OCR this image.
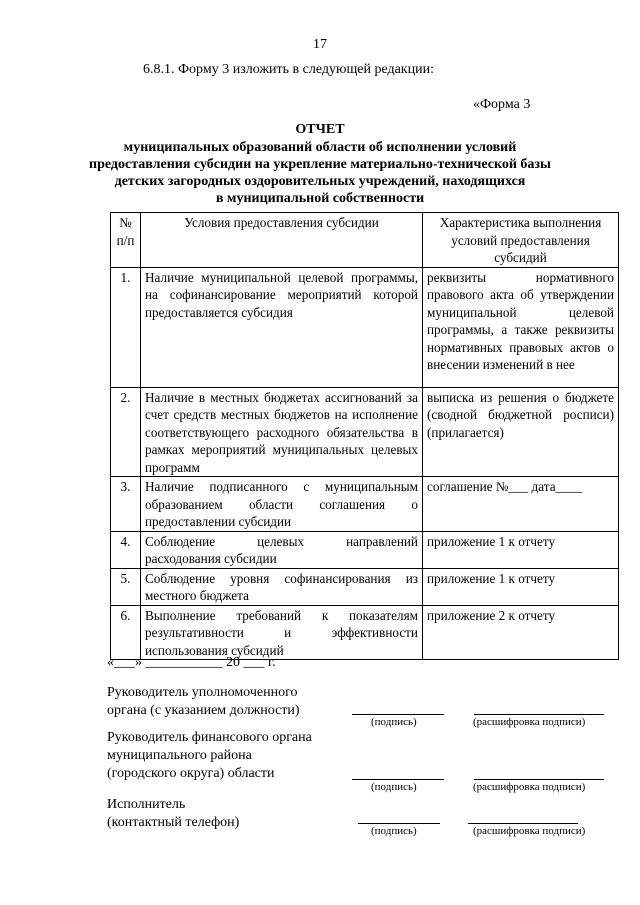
17
6.8.1. Форму 3 изложить в следующей редакции:
«Форма 3
ОТЧЕТ
муниципальных образований области об исполнении условий
предоставления субсидии на укрепление материально-технической базы
детских загородных оздоровительных учреждений, находящихся
в муниципальной собственности
№ п/п	Условия предоставления субсидии	Характеристика выполнения условий предоставления субсидий
1.	Наличие муниципальной целевой программы, на софинансирование мероприятий которой предоставляется субсидия	реквизиты нормативного правового акта об утверждении муниципальной целевой программы, а также реквизиты нормативных правовых актов о внесении изменений в нее
2.	Наличие в местных бюджетах ассигнований за счет средств местных бюджетов на исполнение соответствующего расходного обязательства в рамках мероприятий муниципальных целевых программ	выписка из решения о бюджете (сводной бюджетной росписи) (прилагается)
3.	Наличие подписанного с муниципальным образованием области соглашения о предоставлении субсидии	соглашение №___ дата____
4.	Соблюдение целевых направлений расходования субсидии	приложение 1 к отчету
5.	Соблюдение уровня софинансирования из местного бюджета	приложение 1 к отчету
6.	Выполнение требований к показателям результативности и эффективности использования субсидий	приложение 2 к отчету
«___» ___________ 20 ___ г.
Руководитель уполномоченного
органа (с указанием должности)
(подпись)	(расшифровка подписи)
Руководитель финансового органа
муниципального района
(городского округа) области
(подпись)	(расшифровка подписи)
Исполнитель
(контактный телефон)
(подпись)	(расшифровка подписи)
